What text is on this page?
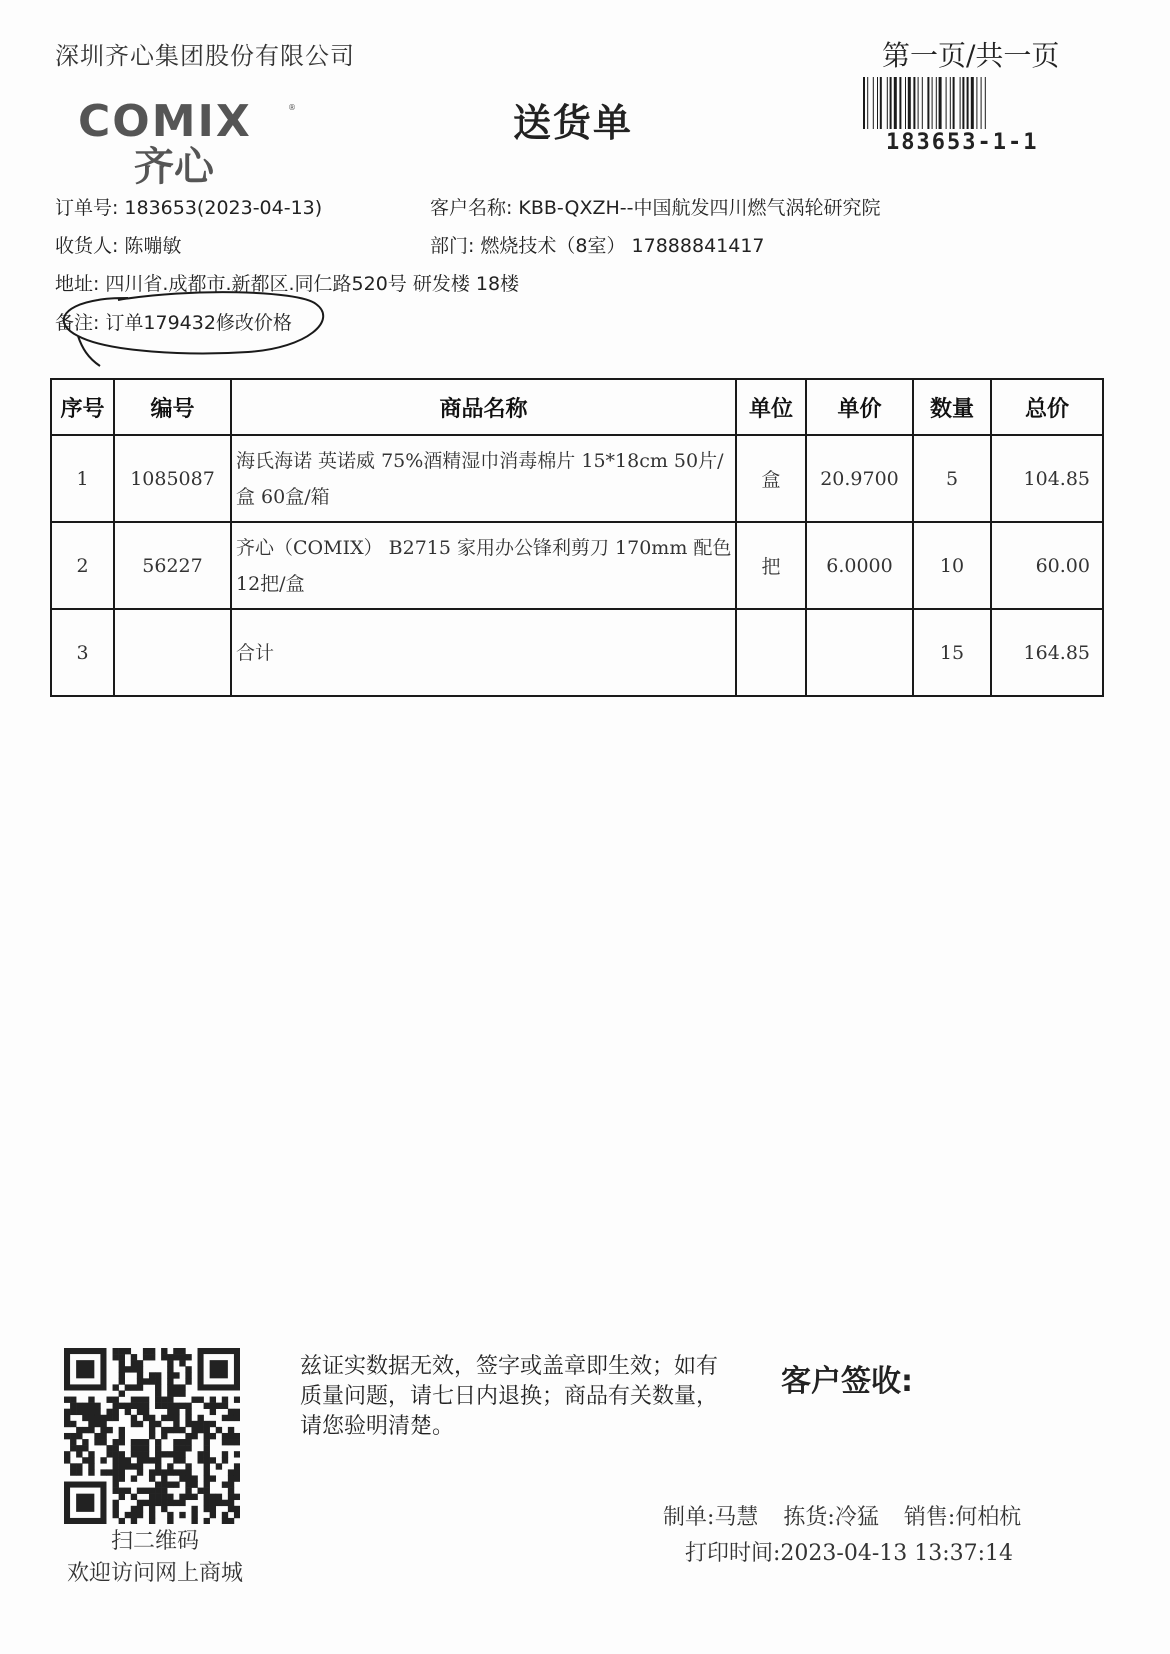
深圳齐心集团股份有限公司	第一页/共一页
183653-1-1
COMIX	®
齐心
送货单
订单号: 183653(2023-04-13)	客户名称: KBB-QXZH--中国航发四川燃气涡轮研究院
收货人: 陈嘣敏	部门: 燃烧技术（8室） 17888841417
地址: 四川省.成都市.新都区.同仁路520号 研发楼 18楼
备注: 订单179432修改价格
序号	编号	商品名称	单位	单价	数量	总价
1	1085087	海氏海诺 英诺威 75%酒精湿巾消毒棉片 15*18cm 50片/盒 60盒/箱	盒	20.9700	5	104.85
2	56227	齐心（COMIX） B2715 家用办公锋利剪刀 170mm 配色 12把/盒	把	6.0000	10	60.00
3		合计			15	164.85
扫二维码
欢迎访问网上商城
兹证实数据无效，签字或盖章即生效；如有质量问题，请七日内退换；商品有关数量，请您验明清楚。
客户签收:
制单:马慧 拣货:冷猛 销售:何柏杭
打印时间:2023-04-13 13:37:14
